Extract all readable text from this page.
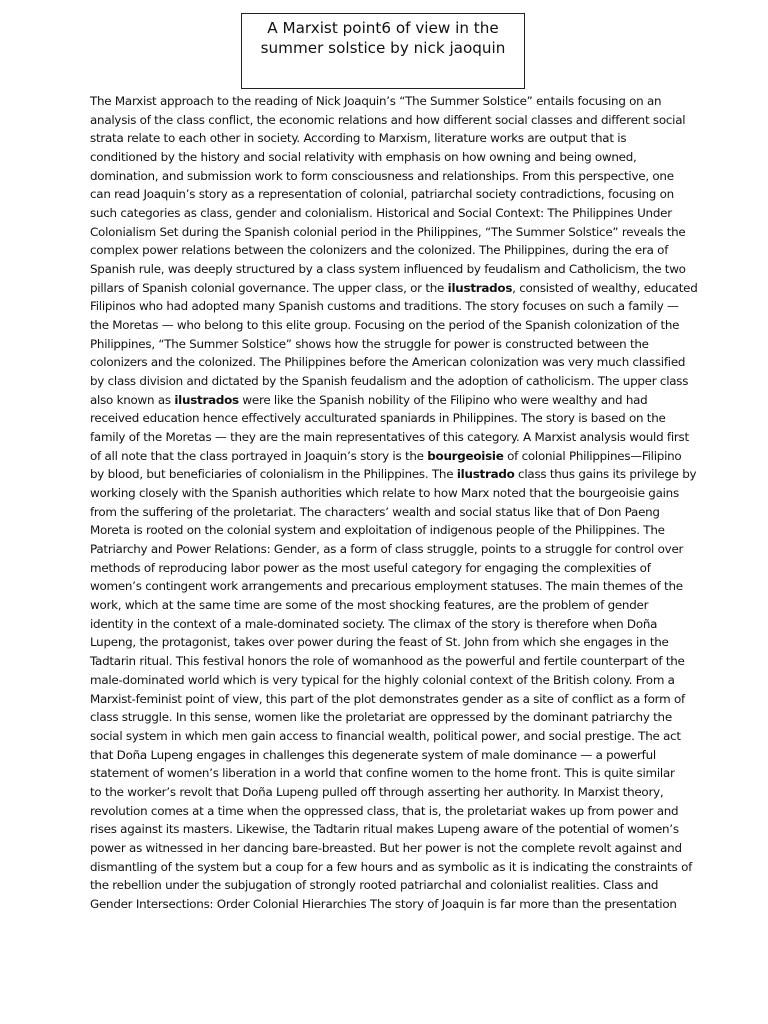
A Marxist point6 of view in the
summer solstice by nick jaoquin
The Marxist approach to the reading of Nick Joaquin’s “The Summer Solstice” entails focusing on an
analysis of the class conflict, the economic relations and how different social classes and different social
strata relate to each other in society. According to Marxism, literature works are output that is
conditioned by the history and social relativity with emphasis on how owning and being owned,
domination, and submission work to form consciousness and relationships. From this perspective, one
can read Joaquin’s story as a representation of colonial, patriarchal society contradictions, focusing on
such categories as class, gender and colonialism. Historical and Social Context: The Philippines Under
Colonialism Set during the Spanish colonial period in the Philippines, “The Summer Solstice” reveals the
complex power relations between the colonizers and the colonized. The Philippines, during the era of
Spanish rule, was deeply structured by a class system influenced by feudalism and Catholicism, the two
pillars of Spanish colonial governance. The upper class, or the ilustrados, consisted of wealthy, educated
Filipinos who had adopted many Spanish customs and traditions. The story focuses on such a family —
the Moretas — who belong to this elite group. Focusing on the period of the Spanish colonization of the
Philippines, “The Summer Solstice” shows how the struggle for power is constructed between the
colonizers and the colonized. The Philippines before the American colonization was very much classified
by class division and dictated by the Spanish feudalism and the adoption of catholicism. The upper class
also known as ilustrados were like the Spanish nobility of the Filipino who were wealthy and had
received education hence effectively acculturated spaniards in Philippines. The story is based on the
family of the Moretas — they are the main representatives of this category. A Marxist analysis would first
of all note that the class portrayed in Joaquin’s story is the bourgeoisie of colonial Philippines—Filipino
by blood, but beneficiaries of colonialism in the Philippines. The ilustrado class thus gains its privilege by
working closely with the Spanish authorities which relate to how Marx noted that the bourgeoisie gains
from the suffering of the proletariat. The characters’ wealth and social status like that of Don Paeng
Moreta is rooted on the colonial system and exploitation of indigenous people of the Philippines. The
Patriarchy and Power Relations: Gender, as a form of class struggle, points to a struggle for control over
methods of reproducing labor power as the most useful category for engaging the complexities of
women’s contingent work arrangements and precarious employment statuses. The main themes of the
work, which at the same time are some of the most shocking features, are the problem of gender
identity in the context of a male-dominated society. The climax of the story is therefore when Doña
Lupeng, the protagonist, takes over power during the feast of St. John from which she engages in the
Tadtarin ritual. This festival honors the role of womanhood as the powerful and fertile counterpart of the
male-dominated world which is very typical for the highly colonial context of the British colony. From a
Marxist-feminist point of view, this part of the plot demonstrates gender as a site of conflict as a form of
class struggle. In this sense, women like the proletariat are oppressed by the dominant patriarchy the
social system in which men gain access to financial wealth, political power, and social prestige. The act
that Doña Lupeng engages in challenges this degenerate system of male dominance — a powerful
statement of women’s liberation in a world that confine women to the home front. This is quite similar
to the worker’s revolt that Doña Lupeng pulled off through asserting her authority. In Marxist theory,
revolution comes at a time when the oppressed class, that is, the proletariat wakes up from power and
rises against its masters. Likewise, the Tadtarin ritual makes Lupeng aware of the potential of women’s
power as witnessed in her dancing bare-breasted. But her power is not the complete revolt against and
dismantling of the system but a coup for a few hours and as symbolic as it is indicating the constraints of
the rebellion under the subjugation of strongly rooted patriarchal and colonialist realities. Class and
Gender Intersections: Order Colonial Hierarchies The story of Joaquin is far more than the presentation
